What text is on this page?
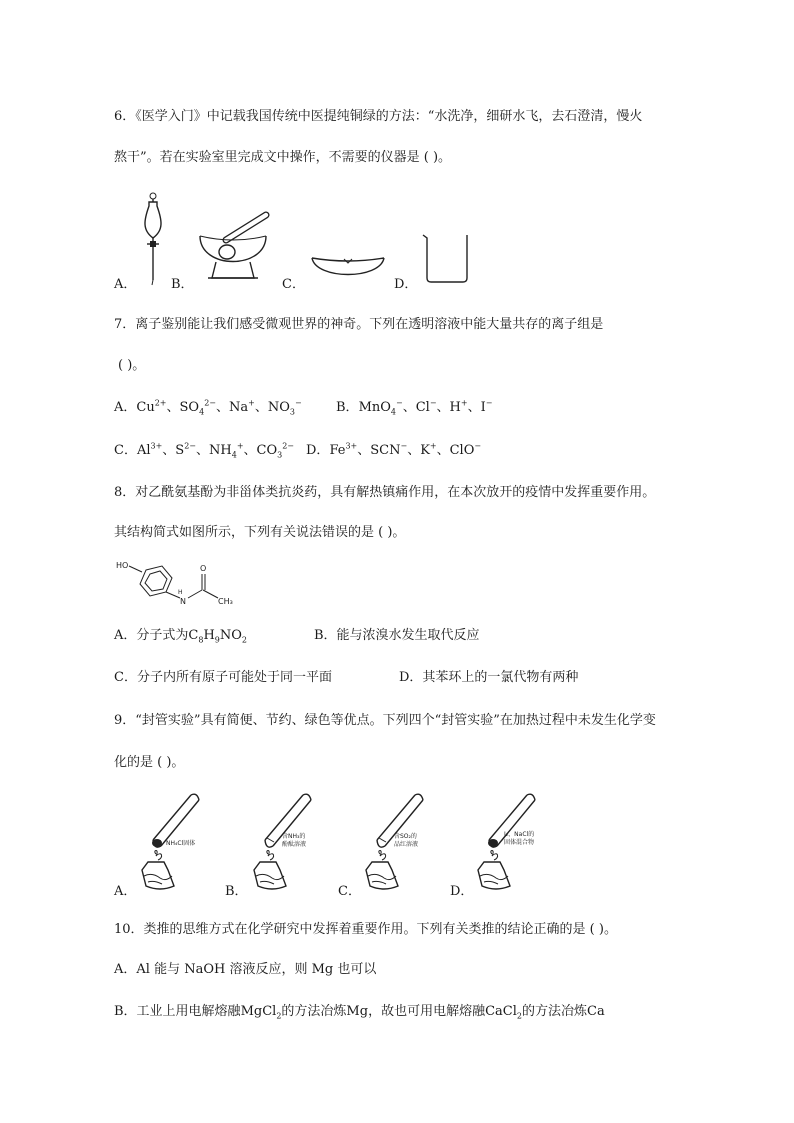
6．《医学入门》中记载我国传统中医提纯铜绿的方法：“水洗净，细研水飞，去石澄清，慢火
熬干”。若在实验室里完成文中操作，不需要的仪器是 ( )。
A．	B．	C．	D．
7．离子鉴别能让我们感受微观世界的神奇。下列在透明溶液中能大量共存的离子组是
( )。
A．$Cu^{2+}$、$SO_4^{2-}$、Na+、$NO_3^-$	B．MnO$_4$−、Cl−、H+、I−
C．$Al^{3+}$、$S^{2-}$、$NH_4^+$、$CO_3^{2-}$ D．$Fe^{3+}$、SCN−、K+、ClO−
8．对乙酰氨基酚为非甾体类抗炎药，具有解热镇痛作用，在本次放开的疫情中发挥重要作用。
其结构简式如图所示，下列有关说法错误的是 ( )。
HO
N
H
O
CH₃
A．分子式为$C_8H_9NO_2$	B．能与浓溴水发生取代反应
C．分子内所有原子可能处于同一平面	D．其苯环上的一氯代物有两种
9．“封管实验”具有简便、节约、绿色等优点。下列四个“封管实验”在加热过程中未发生化学变
化的是 ( )。
NH₄Cl固体
A．
含NH₃的
酚酞溶液
B．
含SO₂的
品红溶液
C．
I₂、NaCl的
固体混合物
D．
10．类推的思维方式在化学研究中发挥着重要作用。下列有关类推的结论正确的是 ( )。
A．Al 能与 NaOH 溶液反应，则 Mg 也可以
B．工业上用电解熔融MgCl$_2$的方法冶炼Mg，故也可用电解熔融CaCl$_2$的方法冶炼Ca
